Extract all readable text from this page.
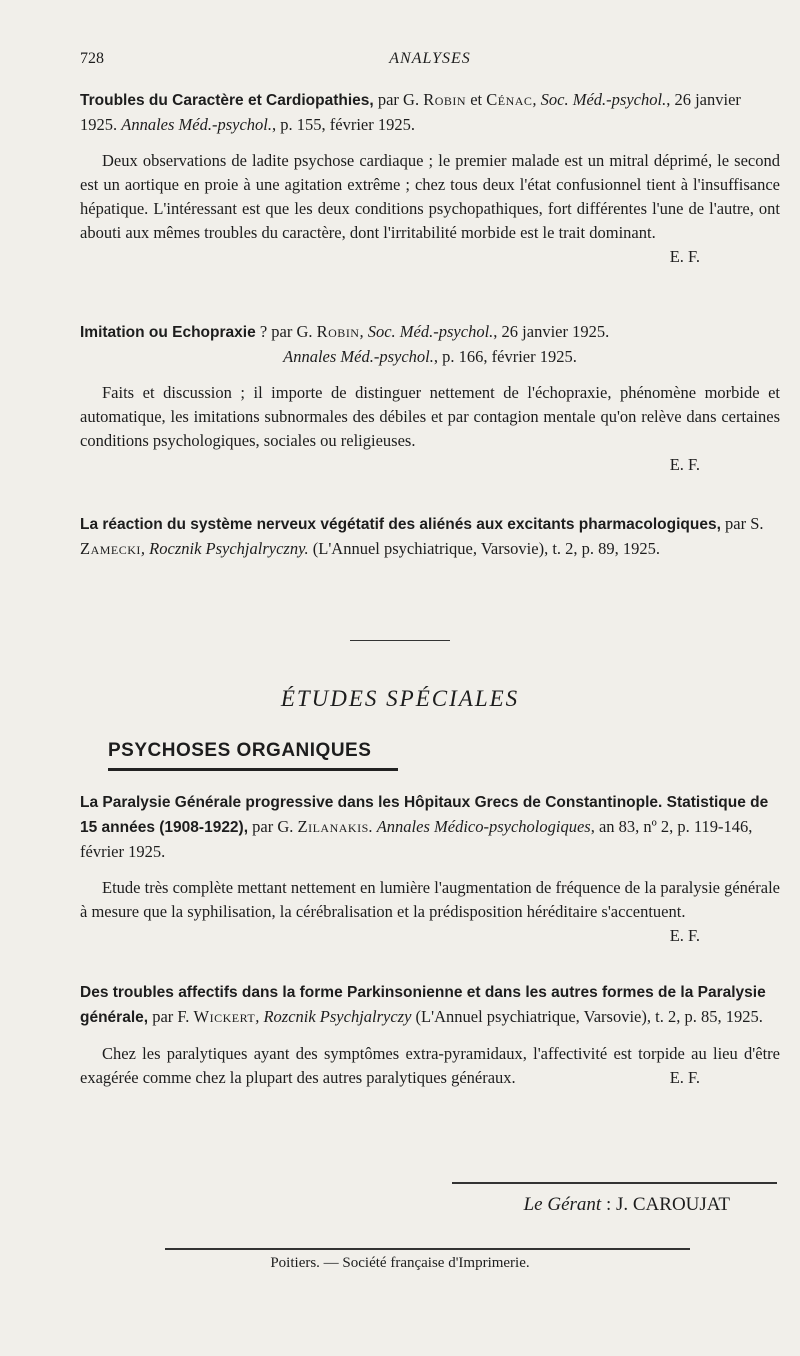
728	ANALYSES
Troubles du Caractère et Cardiopathies, par G. Robin et Cénac, Soc. Méd.-psychol., 26 janvier 1925. Annales Méd.-psychol., p. 155, février 1925.
Deux observations de ladite psychose cardiaque ; le premier malade est un mitral déprimé, le second est un aortique en proie à une agitation extrême ; chez tous deux l'état confusionnel tient à l'insuffisance hépatique. L'intéressant est que les deux conditions psychopathiques, fort différentes l'une de l'autre, ont abouti aux mêmes troubles du caractère, dont l'irritabilité morbide est le trait dominant.
E. F.
Imitation ou Echopraxie ? par G. Robin, Soc. Méd.-psychol., 26 janvier 1925.
Annales Méd.-psychol., p. 166, février 1925.
Faits et discussion ; il importe de distinguer nettement de l'échopraxie, phénomène morbide et automatique, les imitations subnormales des débiles et par contagion mentale qu'on relève dans certaines conditions psychologiques, sociales ou religieuses.
E. F.
La réaction du système nerveux végétatif des aliénés aux excitants pharmacologiques, par S. Zamecki, Rocznik Psychjalryczny. (L'Annuel psychiatrique, Varsovie), t. 2, p. 89, 1925.
ÉTUDES SPÉCIALES
PSYCHOSES ORGANIQUES
La Paralysie Générale progressive dans les Hôpitaux Grecs de Constantinople. Statistique de 15 années (1908-1922), par G. Zilanakis. Annales Médico-psychologiques, an 83, nº 2, p. 119-146, février 1925.
Etude très complète mettant nettement en lumière l'augmentation de fréquence de la paralysie générale à mesure que la syphilisation, la cérébralisation et la prédisposition héréditaire s'accentuent.
E. F.
Des troubles affectifs dans la forme Parkinsonienne et dans les autres formes de la Paralysie générale, par F. Wickert, Rozcnik Psychjalryczy (L'Annuel psychiatrique, Varsovie), t. 2, p. 85, 1925.
Chez les paralytiques ayant des symptômes extra-pyramidaux, l'affectivité est torpide au lieu d'être exagérée comme chez la plupart des autres paralytiques généraux.	E. F.
Le Gérant : J. CAROUJAT
Poitiers. — Société française d'Imprimerie.
